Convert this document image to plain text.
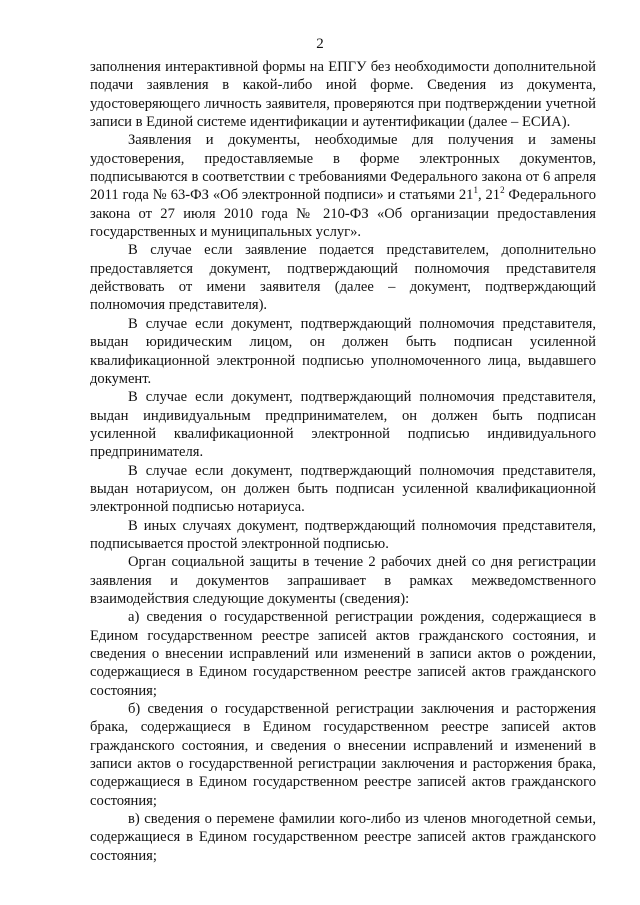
2

заполнения интерактивной формы на ЕПГУ без необходимости дополнительной подачи заявления в какой-либо иной форме. Сведения из документа, удостоверяющего личность заявителя, проверяются при подтверждении учетной записи в Единой системе идентификации и аутентификации (далее – ЕСИА).

Заявления и документы, необходимые для получения и замены удостоверения, предоставляемые в форме электронных документов, подписываются в соответствии с требованиями Федерального закона от 6 апреля 2011 года № 63-ФЗ «Об электронной подписи» и статьями $21^1$, $21^2$ Федерального закона от 27 июля 2010 года № 210-ФЗ «Об организации предоставления государственных и муниципальных услуг».

В случае если заявление подается представителем, дополнительно предоставляется документ, подтверждающий полномочия представителя действовать от имени заявителя (далее – документ, подтверждающий полномочия представителя).

В случае если документ, подтверждающий полномочия представителя, выдан юридическим лицом, он должен быть подписан усиленной квалификационной электронной подписью уполномоченного лица, выдавшего документ.

В случае если документ, подтверждающий полномочия представителя, выдан индивидуальным предпринимателем, он должен быть подписан усиленной квалификационной электронной подписью индивидуального предпринимателя.

В случае если документ, подтверждающий полномочия представителя, выдан нотариусом, он должен быть подписан усиленной квалификационной электронной подписью нотариуса.

В иных случаях документ, подтверждающий полномочия представителя, подписывается простой электронной подписью.

Орган социальной защиты в течение 2 рабочих дней со дня регистрации заявления и документов запрашивает в рамках межведомственного взаимодействия следующие документы (сведения):

а) сведения о государственной регистрации рождения, содержащиеся в Едином государственном реестре записей актов гражданского состояния, и сведения о внесении исправлений или изменений в записи актов о рождении, содержащиеся в Едином государственном реестре записей актов гражданского состояния;

б) сведения о государственной регистрации заключения и расторжения брака, содержащиеся в Едином государственном реестре записей актов гражданского состояния, и сведения о внесении исправлений и изменений в записи актов о государственной регистрации заключения и расторжения брака, содержащиеся в Едином государственном реестре записей актов гражданского состояния;

в) сведения о перемене фамилии кого-либо из членов многодетной семьи, содержащиеся в Едином государственном реестре записей актов гражданского состояния;
